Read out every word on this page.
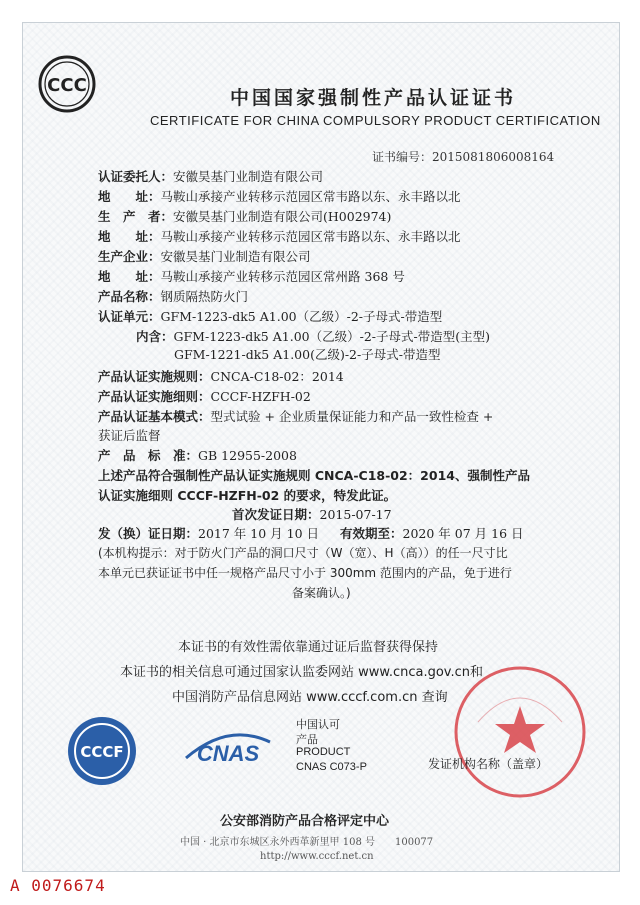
CCC
中国国家强制性产品认证证书
CERTIFICATE FOR CHINA COMPULSORY PRODUCT CERTIFICATION
证书编号：2015081806008164
认证委托人：安徽昊基门业制造有限公司
地　　址：马鞍山承接产业转移示范园区常韦路以东、永丰路以北
生　产　者：安徽昊基门业制造有限公司(H002974)
地　　址：马鞍山承接产业转移示范园区常韦路以东、永丰路以北
生产企业：安徽昊基门业制造有限公司
地　　址：马鞍山承接产业转移示范园区常州路 368 号
产品名称：钢质隔热防火门
认证单元：GFM-1223-dk5 A1.00（乙级）-2-子母式-带造型
内含：GFM-1223-dk5 A1.00（乙级）-2-子母式-带造型(主型)
GFM-1221-dk5 A1.00(乙级)-2-子母式-带造型
产品认证实施规则：CNCA-C18-02：2014
产品认证实施细则：CCCF-HZFH-02
产品认证基本模式：型式试验 + 企业质量保证能力和产品一致性检查 +
获证后监督
产　品　标　准：GB 12955-2008
上述产品符合强制性产品认证实施规则 CNCA-C18-02：2014、强制性产品
认证实施细则 CCCF-HZFH-02 的要求，特发此证。
首次发证日期：2015-07-17
发（换）证日期：2017 年 10 月 10 日 有效期至：2020 年 07 月 16 日
(本机构提示：对于防火门产品的洞口尺寸（W（宽）、H（高））的任一尺寸比
本单元已获证证书中任一规格产品尺寸小于 300mm 范围内的产品，免于进行
备案确认。)
本证书的有效性需依靠通过证后监督获得保持
本证书的相关信息可通过国家认监委网站 www.cnca.gov.cn和
中国消防产品信息网站 www.cccf.com.cn 查询
CCCF	CNAS
中国认可
产品
PRODUCT
CNAS C073-P	发证机构名称（盖章）
公安部消防产品合格评定中心
中国 · 北京市东城区永外西革新里甲 108 号　　100077
http://www.cccf.net.cn
A 0076674
